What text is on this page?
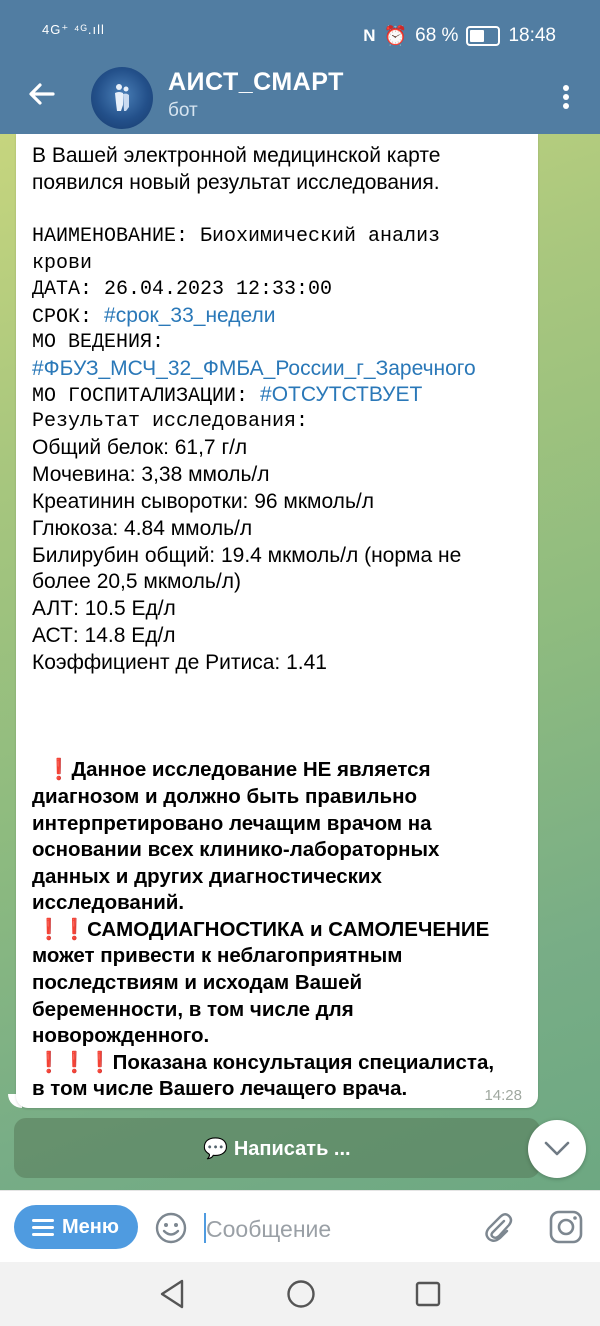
4G⁺ ⁴ᴳ.ıll	N ⏰ 68 %	18:48
АИСТ_СМАРТ
бот
В Вашей электронной медицинской карте
появился новый результат исследования.
НАИМЕНОВАНИЕ: Биохимический анализ
крови
ДАТА: 26.04.2023 12:33:00
СРОК: #срок_33_недели
МО ВЕДЕНИЯ:
#ФБУЗ_МСЧ_32_ФМБА_России_г_Заречного
МО ГОСПИТАЛИЗАЦИИ: #ОТСУТСТВУЕТ
Результат исследования:
Общий белок: 61,7 г/л
Мочевина: 3,38 ммоль/л
Креатинин сыворотки: 96 мкмоль/л
Глюкоза: 4.84 ммоль/л
Билирубин общий: 19.4 мкмоль/л (норма не
более 20,5 мкмоль/л)
АЛТ: 10.5 Ед/л
АСТ: 14.8 Ед/л
Коэффициент де Ритиса: 1.41
❗Данное исследование НЕ является
диагнозом и должно быть правильно
интерпретировано лечащим врачом на
основании всех клинико-лабораторных
данных и других диагностических
исследований.
❗❗САМОДИАГНОСТИКА и САМОЛЕЧЕНИЕ
может привести к неблагоприятным
последствиям и исходам Вашей
беременности, в том числе для
новорожденного.
❗❗❗Показана консультация специалиста,
в том числе Вашего лечащего врача.	14:28
💬 Написать ...
Меню
Сообщение
